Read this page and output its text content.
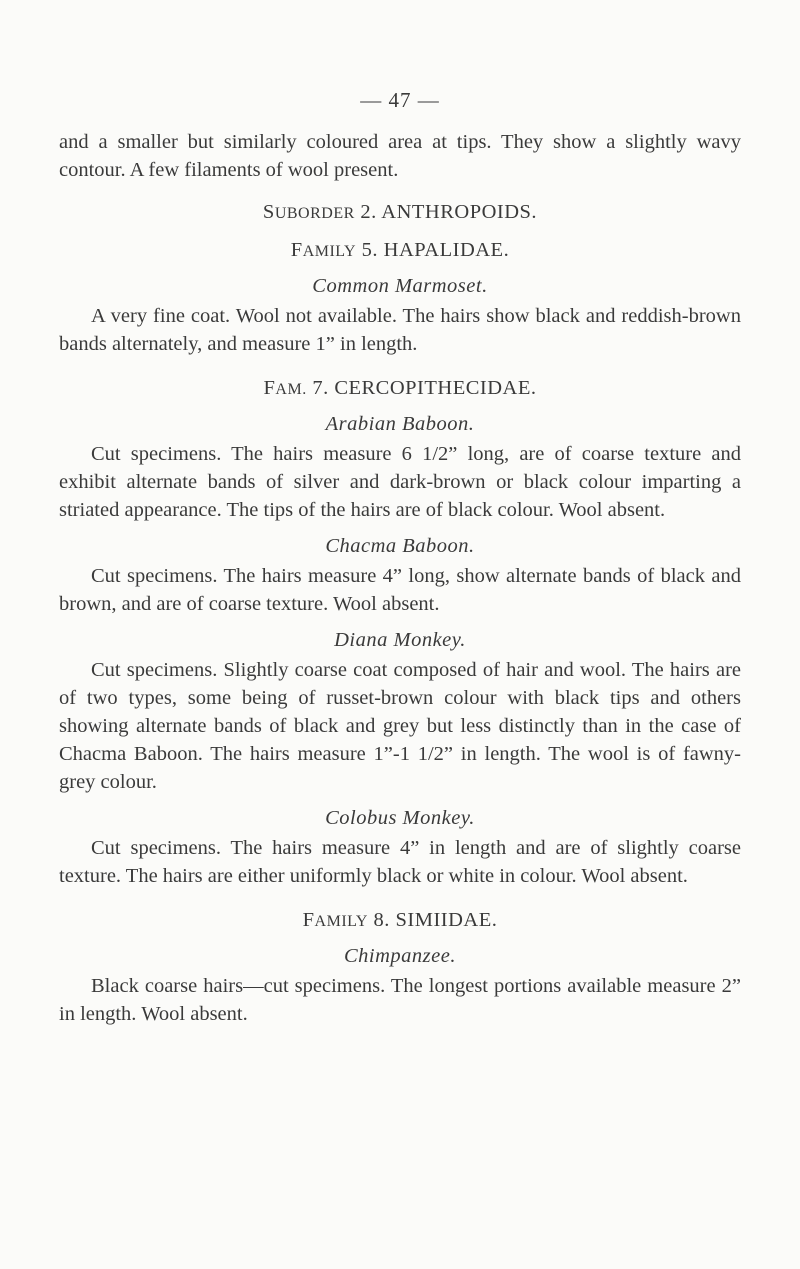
— 47 —

and a smaller but similarly coloured area at tips. They show a slightly wavy contour. A few filaments of wool present.

SUBORDER 2. ANTHROPOIDS.

FAMILY 5. HAPALIDAE.

Common Marmoset.

A very fine coat. Wool not available. The hairs show black and reddish-brown bands alternately, and measure 1” in length.

FAM. 7. CERCOPITHECIDAE.

Arabian Baboon.

Cut specimens. The hairs measure 6 1/2” long, are of coarse texture and exhibit alternate bands of silver and dark-brown or black colour imparting a striated appearance. The tips of the hairs are of black colour. Wool absent.

Chacma Baboon.

Cut specimens. The hairs measure 4” long, show alternate bands of black and brown, and are of coarse texture. Wool absent.

Diana Monkey.

Cut specimens. Slightly coarse coat composed of hair and wool. The hairs are of two types, some being of russet-brown colour with black tips and others showing alternate bands of black and grey but less distinctly than in the case of Chacma Baboon. The hairs measure 1”-1 1/2” in length. The wool is of fawny-grey colour.

Colobus Monkey.

Cut specimens. The hairs measure 4” in length and are of slightly coarse texture. The hairs are either uniformly black or white in colour. Wool absent.

FAMILY 8. SIMIIDAE.

Chimpanzee.

Black coarse hairs—cut specimens. The longest portions available measure 2” in length. Wool absent.
